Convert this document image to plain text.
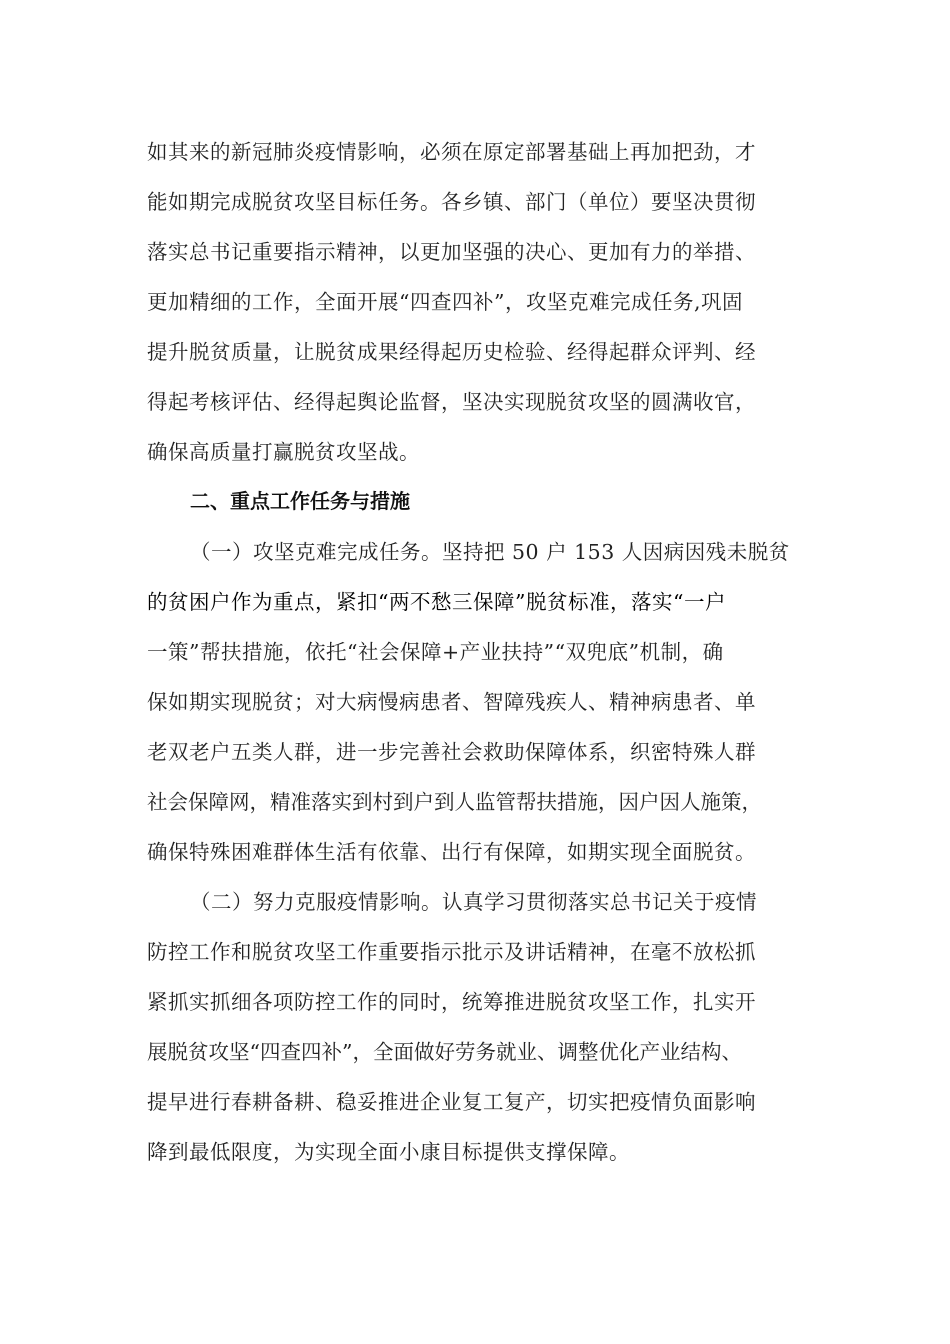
如其来的新冠肺炎疫情影响，必须在原定部署基础上再加把劲，才
能如期完成脱贫攻坚目标任务。各乡镇、部门（单位）要坚决贯彻
落实总书记重要指示精神，以更加坚强的决心、更加有力的举措、
更加精细的工作，全面开展“四查四补”，攻坚克难完成任务,巩固
提升脱贫质量，让脱贫成果经得起历史检验、经得起群众评判、经
得起考核评估、经得起舆论监督，坚决实现脱贫攻坚的圆满收官，
确保高质量打赢脱贫攻坚战。
二、重点工作任务与措施
（一）攻坚克难完成任务。坚持把 50 户 153 人因病因残未脱贫
的贫困户作为重点，紧扣“两不愁三保障”脱贫标准，落实“一户
一策”帮扶措施，依托“社会保障+产业扶持”“双兜底”机制，确
保如期实现脱贫；对大病慢病患者、智障残疾人、精神病患者、单
老双老户五类人群，进一步完善社会救助保障体系，织密特殊人群
社会保障网，精准落实到村到户到人监管帮扶措施，因户因人施策，
确保特殊困难群体生活有依靠、出行有保障，如期实现全面脱贫。
（二）努力克服疫情影响。认真学习贯彻落实总书记关于疫情
防控工作和脱贫攻坚工作重要指示批示及讲话精神，在毫不放松抓
紧抓实抓细各项防控工作的同时，统筹推进脱贫攻坚工作，扎实开
展脱贫攻坚“四查四补”，全面做好劳务就业、调整优化产业结构、
提早进行春耕备耕、稳妥推进企业复工复产，切实把疫情负面影响
降到最低限度，为实现全面小康目标提供支撑保障。
